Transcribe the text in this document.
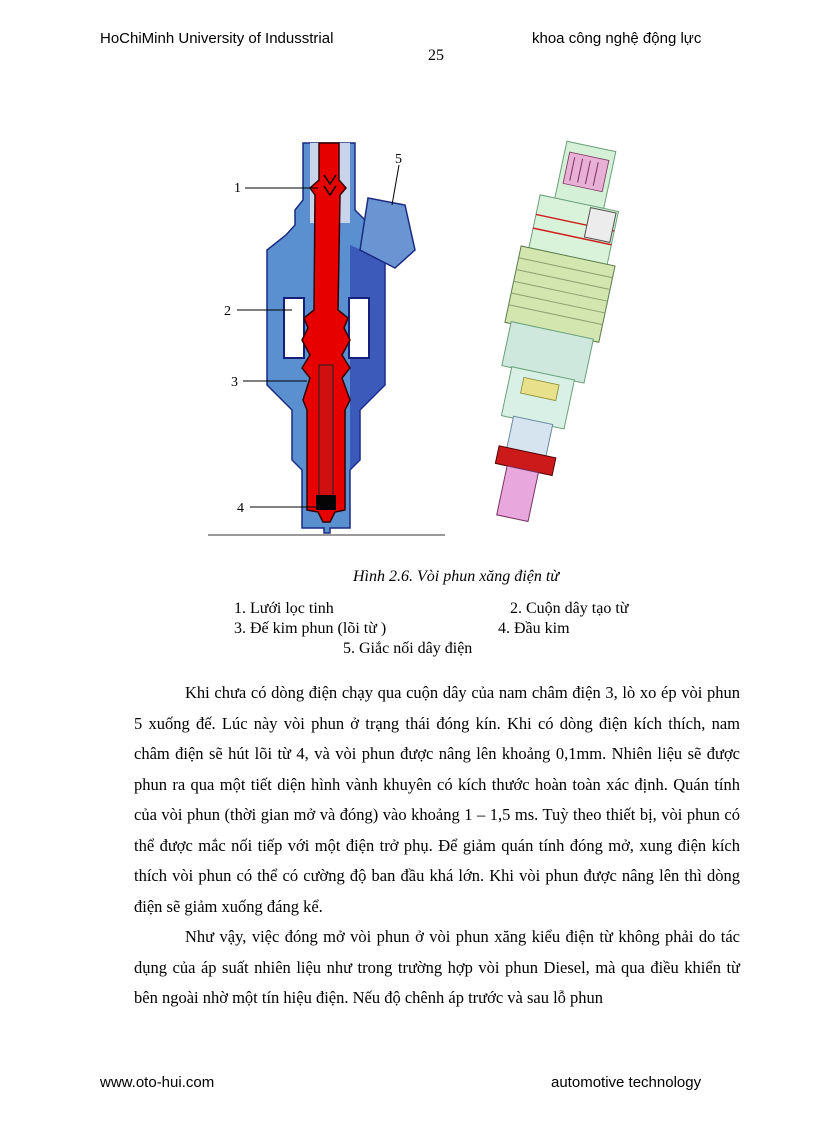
HoChiMinh University of Indusstrial	khoa công nghệ động lực
25
1
2
3
4
5
Hình 2.6. Vòi phun xăng điện từ
1. Lưới lọc tinh	2. Cuộn dây tạo từ
3. Đế kim phun (lõi từ )	4. Đầu kim
5. Giắc nối dây điện

Khi chưa có dòng điện chạy qua cuộn dây của nam châm điện 3, lò xo ép vòi phun 5 xuống đế. Lúc này vòi phun ở trạng thái đóng kín. Khi có dòng điện kích thích, nam châm điện sẽ hút lõi từ 4, và vòi phun được nâng lên khoảng 0,1mm. Nhiên liệu sẽ được phun ra qua một tiết diện hình vành khuyên có kích thước hoàn toàn xác định. Quán tính của vòi phun (thời gian mở và đóng) vào khoảng 1 – 1,5 ms. Tuỳ theo thiết bị, vòi phun có thể được mắc nối tiếp với một điện trở phụ. Để giảm quán tính đóng mở, xung điện kích thích vòi phun có thể có cường độ ban đầu khá lớn. Khi vòi phun được nâng lên thì dòng điện sẽ giảm xuống đáng kể.

Như vậy, việc đóng mở vòi phun ở vòi phun xăng kiểu điện từ không phải do tác dụng của áp suất nhiên liệu như trong trường hợp vòi phun Diesel, mà qua điều khiển từ bên ngoài nhờ một tín hiệu điện. Nếu độ chênh áp trước và sau lỗ phun

www.oto-hui.com	automotive technology
